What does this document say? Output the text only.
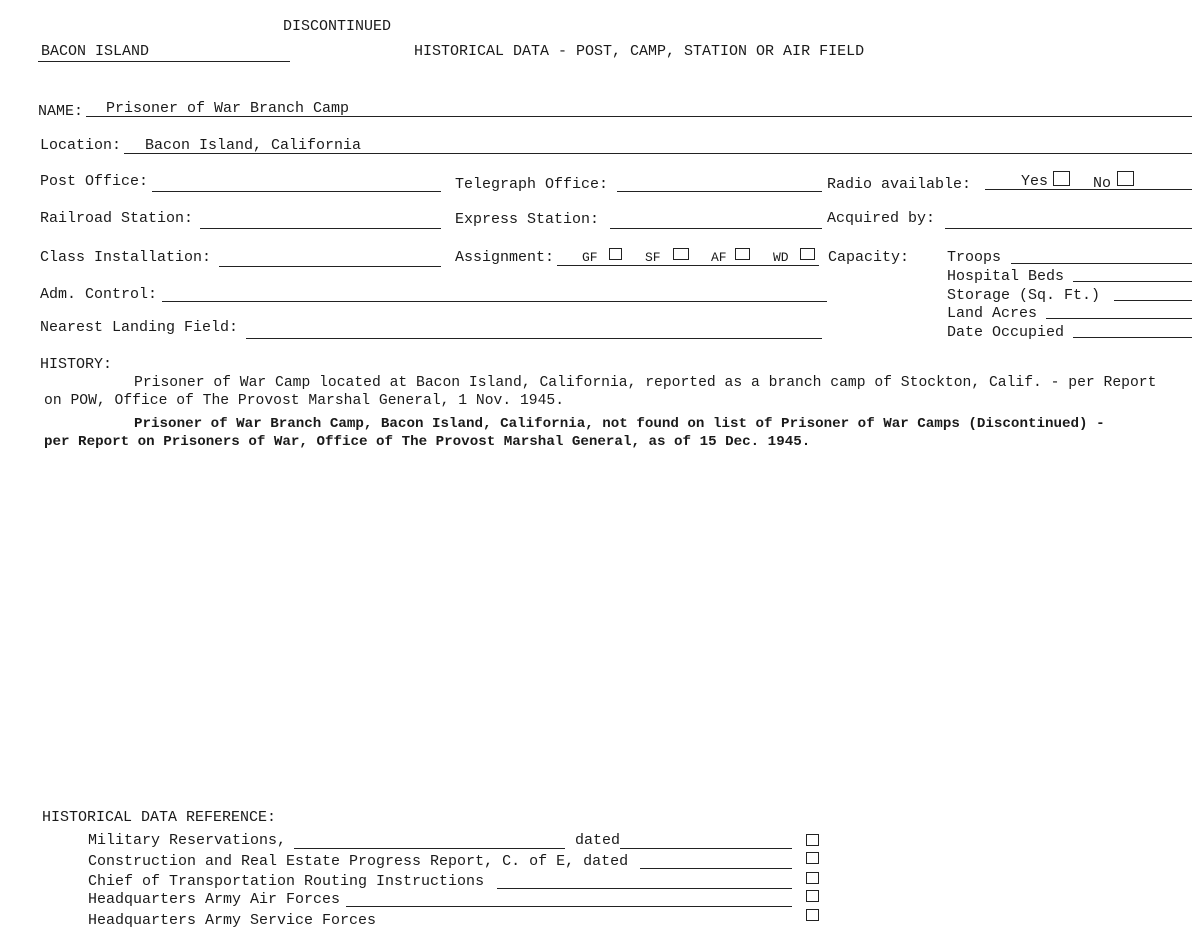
DISCONTINUED
BACON ISLAND	HISTORICAL DATA - POST, CAMP, STATION OR AIR FIELD
NAME: Prisoner of War Branch Camp
Location: Bacon Island, California
Post Office:	Telegraph Office:	Radio available:	Yes	No
Railroad Station:	Express Station:	Acquired by:
Class Installation:	Assignment: GF	SF	AF	WD	Capacity:	Troops
Hospital Beds
Storage (Sq. Ft.)
Land Acres
Date Occupied
Adm. Control:
Nearest Landing Field:
HISTORY:
Prisoner of War Camp located at Bacon Island, California, reported as a branch camp of Stockton, Calif. - per Report
on POW, Office of The Provost Marshal General, 1 Nov. 1945.
Prisoner of War Branch Camp, Bacon Island, California, not found on list of Prisoner of War Camps (Discontinued) -
per Report on Prisoners of War, Office of The Provost Marshal General, as of 15 Dec. 1945.
HISTORICAL DATA REFERENCE:
Military Reservations,	dated
Construction and Real Estate Progress Report, C. of E, dated
Chief of Transportation Routing Instructions
Headquarters Army Air Forces
Headquarters Army Service Forces
